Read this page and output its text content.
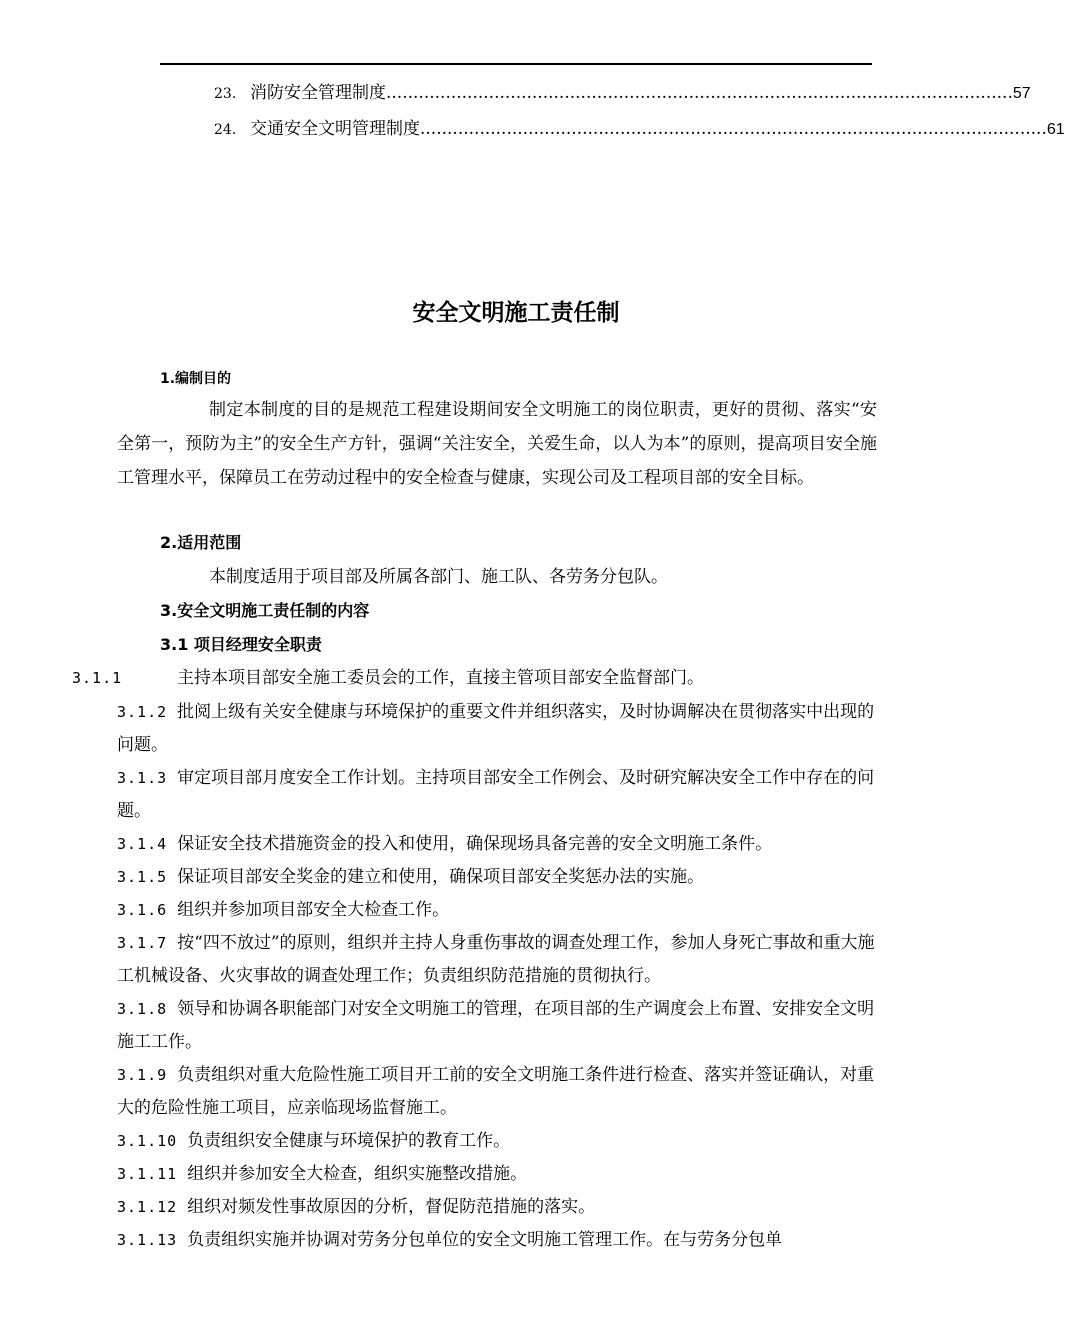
23. 消防安全管理制度 .................................................................................................................... 57
24. 交通安全文明管理制度 .................................................................................................................... 61
安全文明施工责任制
1.编制目的

制定本制度的目的是规范工程建设期间安全文明施工的岗位职责，更好的贯彻、落实“安全第一，预防为主”的安全生产方针，强调“关注安全，关爱生命，以人为本”的原则，提高项目安全施工管理水平，保障员工在劳动过程中的安全检查与健康，实现公司及工程项目部的安全目标。

2.适用范围

本制度适用于项目部及所属各部门、施工队、各劳务分包队。

3.安全文明施工责任制的内容
3.1 项目经理安全职责

3.1.1	主持本项目部安全施工委员会的工作，直接主管项目部安全监督部门。

3.1.2 批阅上级有关安全健康与环境保护的重要文件并组织落实，及时协调解决在贯彻落实中出现的问题。

3.1.3 审定项目部月度安全工作计划。主持项目部安全工作例会、及时研究解决安全工作中存在的问题。

3.1.4 保证安全技术措施资金的投入和使用，确保现场具备完善的安全文明施工条件。

3.1.5 保证项目部安全奖金的建立和使用，确保项目部安全奖惩办法的实施。

3.1.6 组织并参加项目部安全大检查工作。

3.1.7 按“四不放过”的原则，组织并主持人身重伤事故的调查处理工作，参加人身死亡事故和重大施工机械设备、火灾事故的调查处理工作；负责组织防范措施的贯彻执行。

3.1.8 领导和协调各职能部门对安全文明施工的管理，在项目部的生产调度会上布置、安排安全文明施工工作。

3.1.9 负责组织对重大危险性施工项目开工前的安全文明施工条件进行检查、落实并签证确认，对重大的危险性施工项目，应亲临现场监督施工。

3.1.10 负责组织安全健康与环境保护的教育工作。

3.1.11 组织并参加安全大检查，组织实施整改措施。

3.1.12 组织对频发性事故原因的分析，督促防范措施的落实。

3.1.13 负责组织实施并协调对劳务分包单位的安全文明施工管理工作。在与劳务分包单
